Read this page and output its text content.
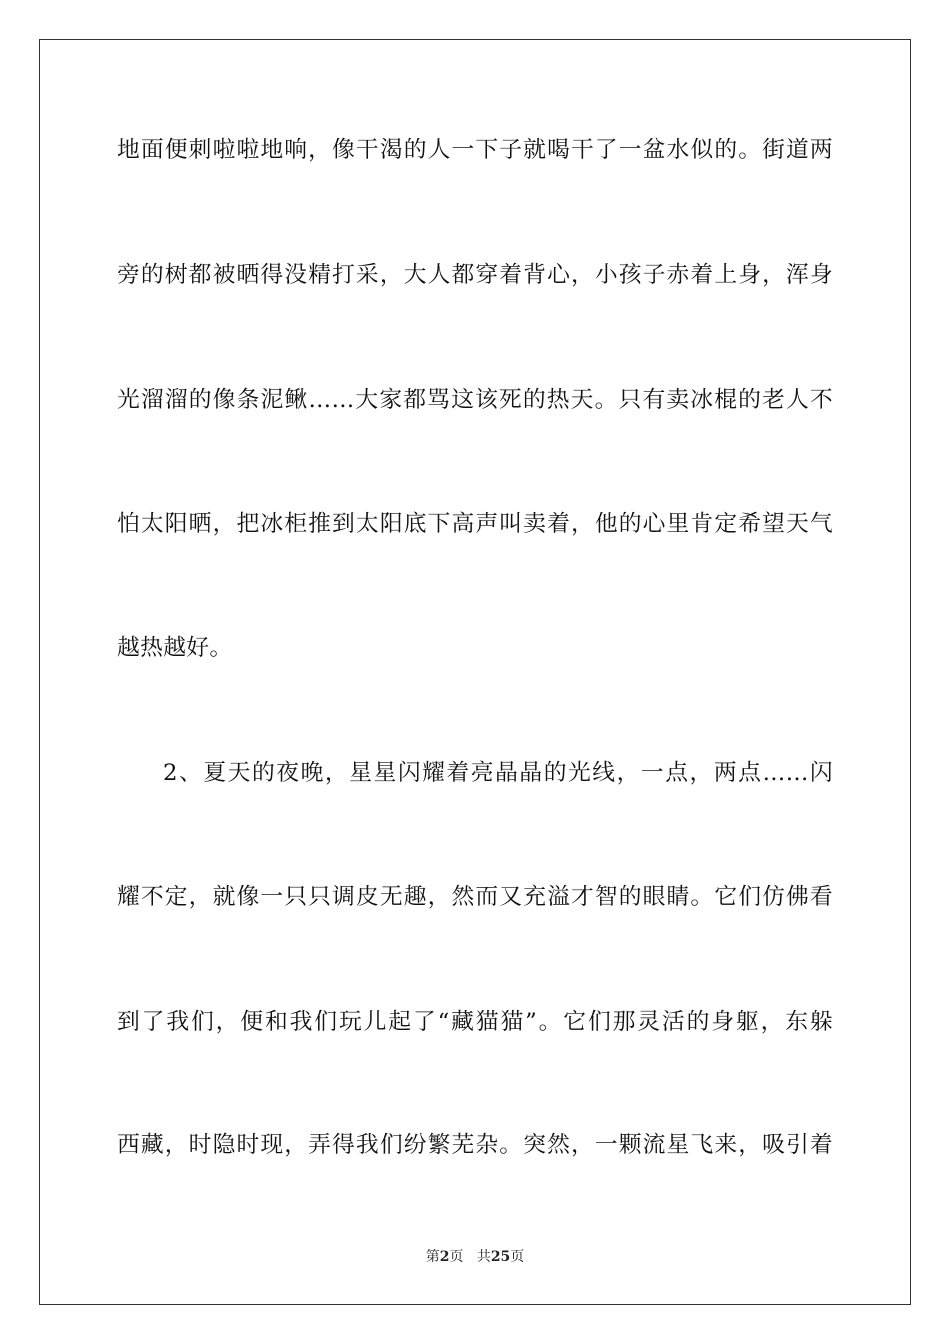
地面便刺啦啦地响，像干渴的人一下子就喝干了一盆水似的。街道两
旁的树都被晒得没精打采，大人都穿着背心，小孩子赤着上身，浑身
光溜溜的像条泥鳅……大家都骂这该死的热天。只有卖冰棍的老人不
怕太阳晒，把冰柜推到太阳底下高声叫卖着，他的心里肯定希望天气
越热越好。
2、夏天的夜晚，星星闪耀着亮晶晶的光线，一点，两点……闪
耀不定，就像一只只调皮无趣，然而又充溢才智的眼睛。它们仿佛看
到了我们，便和我们玩儿起了“藏猫猫”。它们那灵活的身躯，东躲
西藏，时隐时现，弄得我们纷繁芜杂。突然，一颗流星飞来，吸引着
第2页 共25页
